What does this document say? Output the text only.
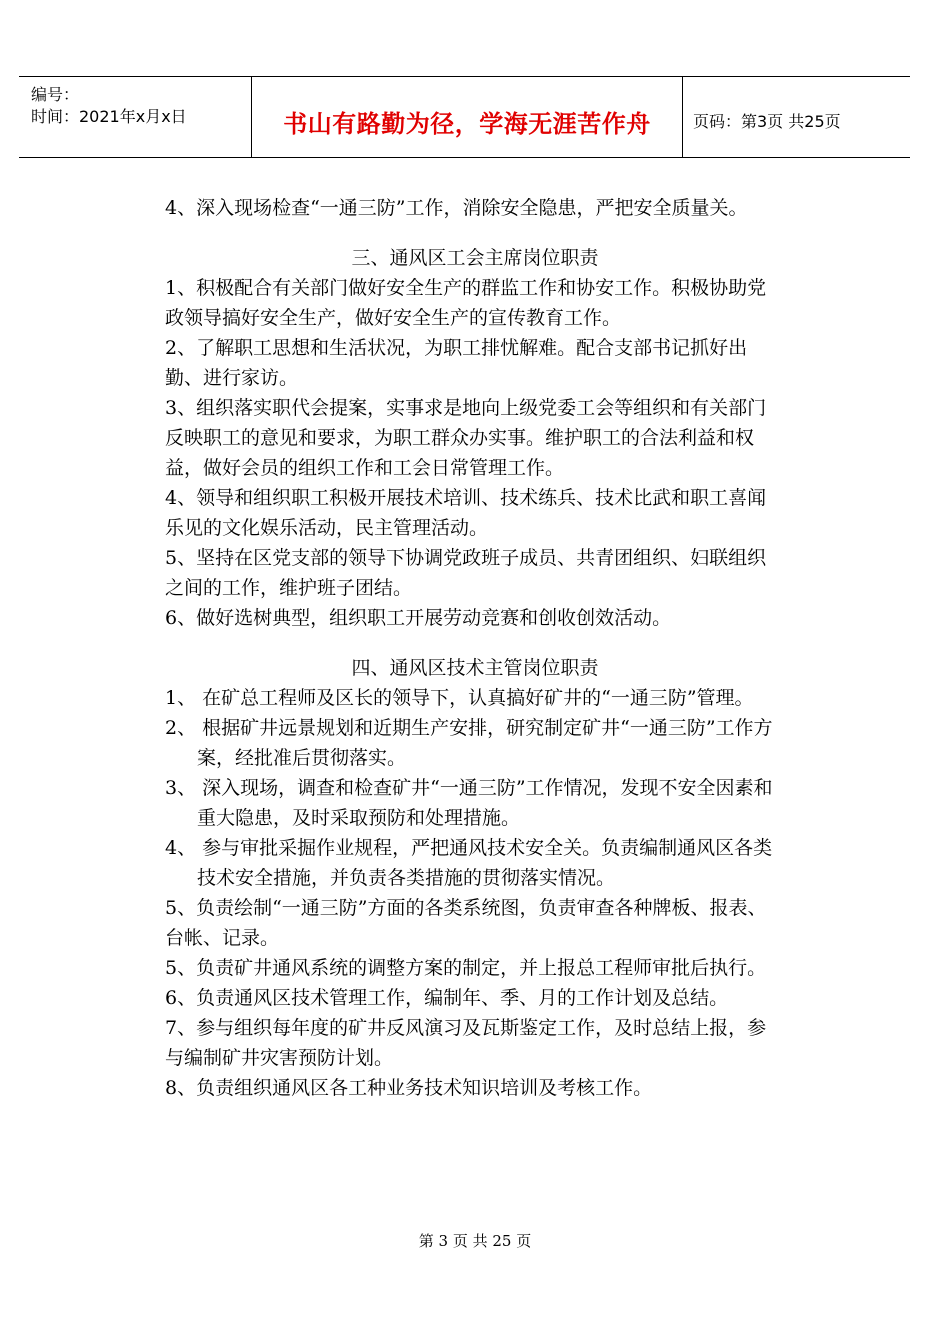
编号：
时间：2021年x月x日	书山有路勤为径，学海无涯苦作舟	页码：第3页 共25页

4、深入现场检查“一通三防”工作，消除安全隐患，严把安全质量关。

三、通风区工会主席岗位职责

1、积极配合有关部门做好安全生产的群监工作和协安工作。积极协助党政领导搞好安全生产，做好安全生产的宣传教育工作。

2、了解职工思想和生活状况，为职工排忧解难。配合支部书记抓好出勤、进行家访。

3、组织落实职代会提案，实事求是地向上级党委工会等组织和有关部门反映职工的意见和要求，为职工群众办实事。维护职工的合法利益和权益，做好会员的组织工作和工会日常管理工作。

4、领导和组织职工积极开展技术培训、技术练兵、技术比武和职工喜闻乐见的文化娱乐活动，民主管理活动。

5、坚持在区党支部的领导下协调党政班子成员、共青团组织、妇联组织之间的工作，维护班子团结。

6、做好选树典型，组织职工开展劳动竞赛和创收创效活动。

四、通风区技术主管岗位职责

1、 在矿总工程师及区长的领导下，认真搞好矿井的“一通三防”管理。

2、 根据矿井远景规划和近期生产安排，研究制定矿井“一通三防”工作方案，经批准后贯彻落实。

3、 深入现场，调查和检查矿井“一通三防”工作情况，发现不安全因素和重大隐患，及时采取预防和处理措施。

4、 参与审批采掘作业规程，严把通风技术安全关。负责编制通风区各类技术安全措施，并负责各类措施的贯彻落实情况。

5、负责绘制“一通三防”方面的各类系统图，负责审查各种牌板、报表、台帐、记录。

5、负责矿井通风系统的调整方案的制定，并上报总工程师审批后执行。

6、负责通风区技术管理工作，编制年、季、月的工作计划及总结。

7、参与组织每年度的矿井反风演习及瓦斯鉴定工作，及时总结上报，参与编制矿井灾害预防计划。

8、负责组织通风区各工种业务技术知识培训及考核工作。

第 3 页 共 25 页
